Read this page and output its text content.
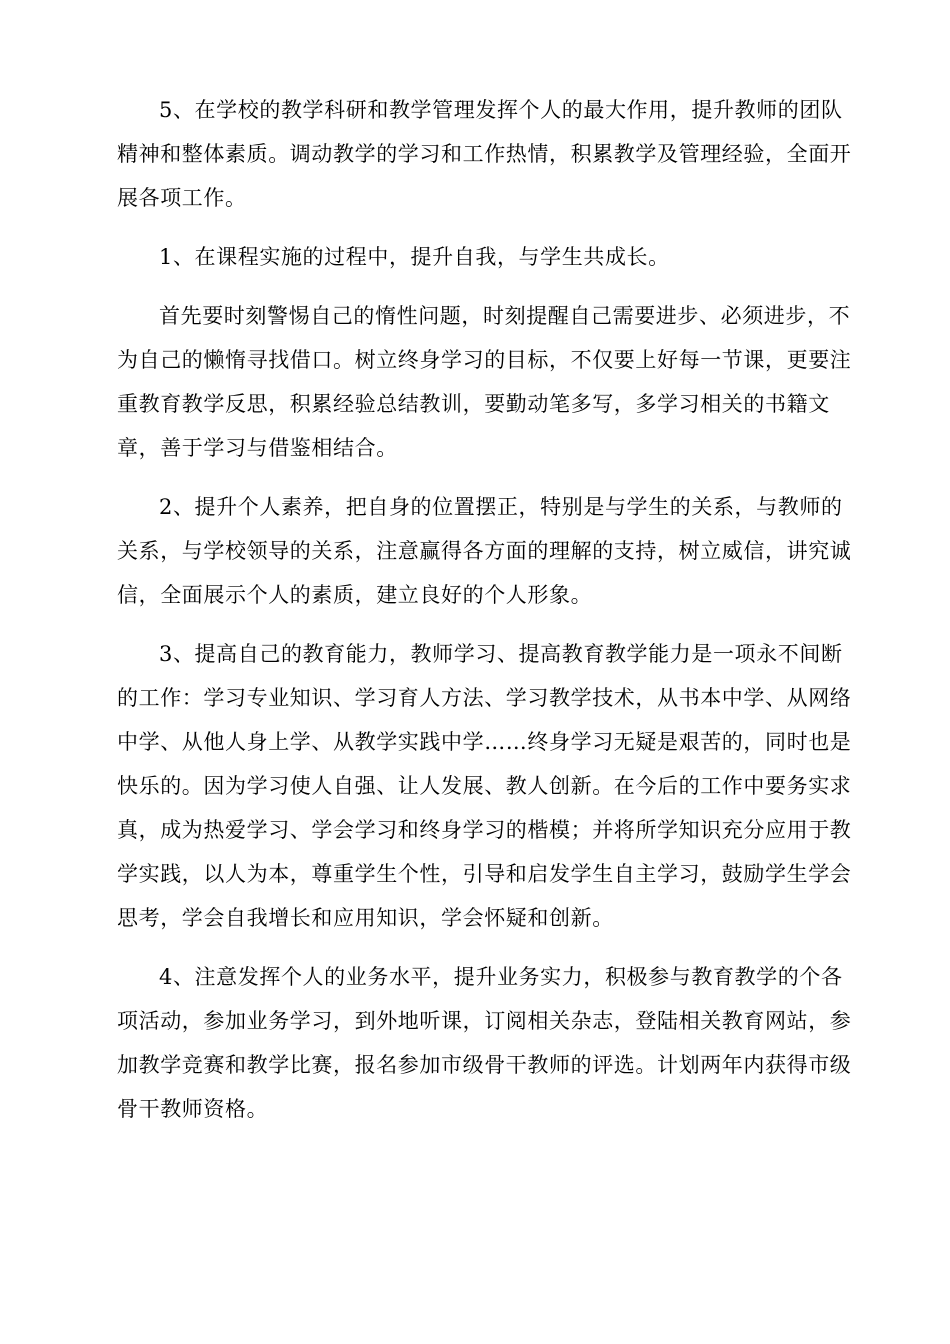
5、在学校的教学科研和教学管理发挥个人的最大作用，提升教师的团队精神和整体素质。调动教学的学习和工作热情，积累教学及管理经验，全面开展各项工作。

1、在课程实施的过程中，提升自我，与学生共成长。

首先要时刻警惕自己的惰性问题，时刻提醒自己需要进步、必须进步，不为自己的懒惰寻找借口。树立终身学习的目标，不仅要上好每一节课，更要注重教育教学反思，积累经验总结教训，要勤动笔多写，多学习相关的书籍文章，善于学习与借鉴相结合。

2、提升个人素养，把自身的位置摆正，特别是与学生的关系，与教师的关系，与学校领导的关系，注意赢得各方面的理解的支持，树立威信，讲究诚信，全面展示个人的素质，建立良好的个人形象。

3、提高自己的教育能力，教师学习、提高教育教学能力是一项永不间断的工作：学习专业知识、学习育人方法、学习教学技术，从书本中学、从网络中学、从他人身上学、从教学实践中学……终身学习无疑是艰苦的，同时也是快乐的。因为学习使人自强、让人发展、教人创新。在今后的工作中要务实求真，成为热爱学习、学会学习和终身学习的楷模；并将所学知识充分应用于教学实践，以人为本，尊重学生个性，引导和启发学生自主学习，鼓励学生学会思考，学会自我增长和应用知识，学会怀疑和创新。

4、注意发挥个人的业务水平，提升业务实力，积极参与教育教学的个各项活动，参加业务学习，到外地听课，订阅相关杂志，登陆相关教育网站，参加教学竞赛和教学比赛，报名参加市级骨干教师的评选。计划两年内获得市级骨干教师资格。
